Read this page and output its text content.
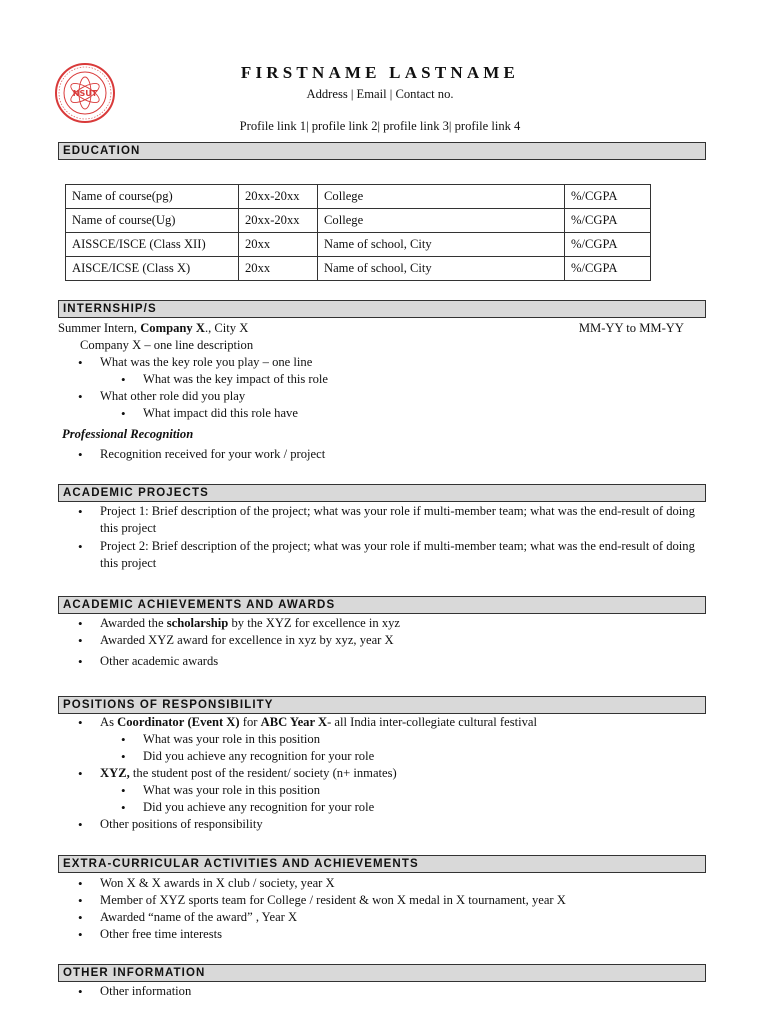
NSUT
FIRSTNAME LASTNAME
Address | Email | Contact no.
Profile link 1| profile link 2| profile link 3| profile link 4
EDUCATION
Name of course(pg)	20xx-20xx	College	%/CGPA
Name of course(Ug)	20xx-20xx	College	%/CGPA
AISSCE/ISCE (Class XII)	20xx	Name of school, City	%/CGPA
AISCE/ICSE (Class X)	20xx	Name of school, City	%/CGPA
INTERNSHIP/S
Summer Intern, Company X., City X	MM-YY to MM-YY
Company X – one line description
• What was the key role you play – one line
• What was the key impact of this role
• What other role did you play
• What impact did this role have
Professional Recognition
• Recognition received for your work / project
ACADEMIC PROJECTS
• Project 1: Brief description of the project; what was your role if multi-member team; what was the end-result of doing this project
• Project 2: Brief description of the project; what was your role if multi-member team; what was the end-result of doing this project
ACADEMIC ACHIEVEMENTS AND AWARDS
• Awarded the scholarship by the XYZ for excellence in xyz
• Awarded XYZ award for excellence in xyz by xyz, year X
• Other academic awards
POSITIONS OF RESPONSIBILITY
• As Coordinator (Event X) for ABC Year X- all India inter-collegiate cultural festival
• What was your role in this position
• Did you achieve any recognition for your role
• XYZ, the student post of the resident/ society (n+ inmates)
• What was your role in this position
• Did you achieve any recognition for your role
• Other positions of responsibility
EXTRA-CURRICULAR ACTIVITIES AND ACHIEVEMENTS
• Won X & X awards in X club / society, year X
• Member of XYZ sports team for College / resident & won X medal in X tournament, year X
• Awarded “name of the award” , Year X
• Other free time interests
OTHER INFORMATION
• Other information
